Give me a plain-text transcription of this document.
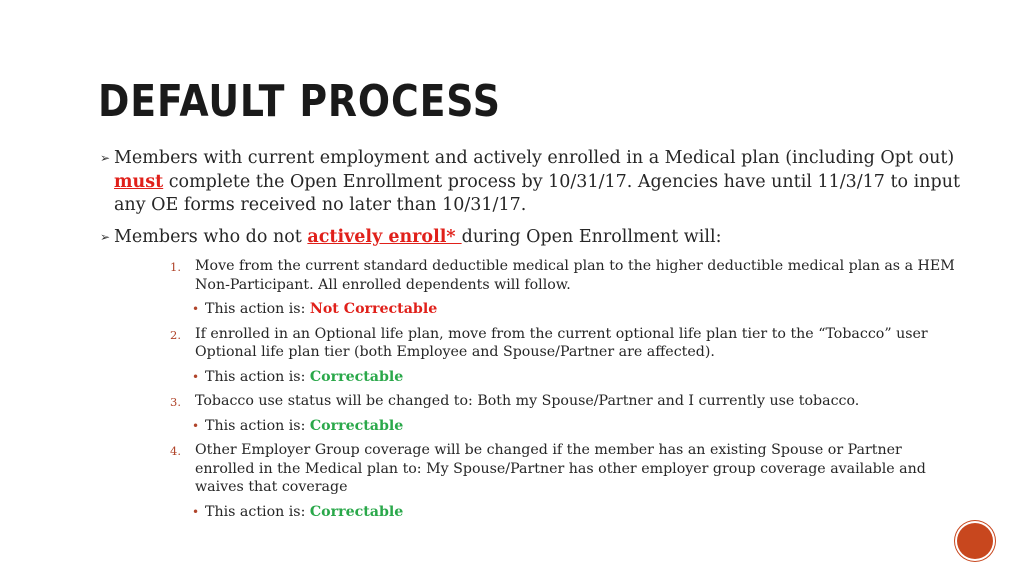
DEFAULT PROCESS
➢ Members with current employment and actively enrolled in a Medical plan (including Opt out) must complete the Open Enrollment process by 10/31/17. Agencies have until 11/3/17 to input any OE forms received no later than 10/31/17.
➢ Members who do not actively enroll* during Open Enrollment will:
1. Move from the current standard deductible medical plan to the higher deductible medical plan as a HEM Non-Participant. All enrolled dependents will follow.
• This action is: Not Correctable
2. If enrolled in an Optional life plan, move from the current optional life plan tier to the “Tobacco” user Optional life plan tier (both Employee and Spouse/Partner are affected).
• This action is: Correctable
3. Tobacco use status will be changed to: Both my Spouse/Partner and I currently use tobacco.
• This action is: Correctable
4. Other Employer Group coverage will be changed if the member has an existing Spouse or Partner enrolled in the Medical plan to: My Spouse/Partner has other employer group coverage available and waives that coverage
• This action is: Correctable
